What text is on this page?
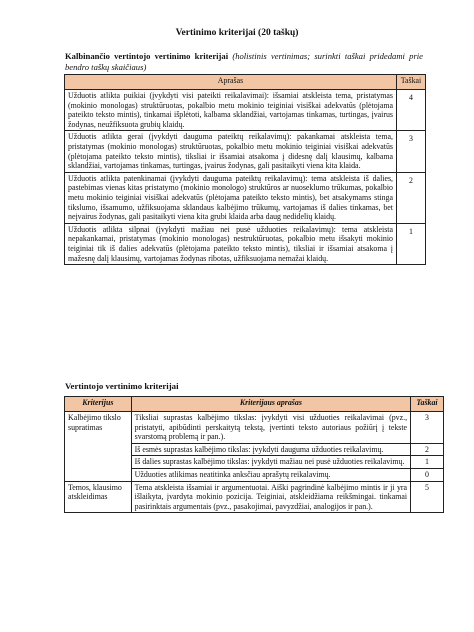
Vertinimo kriterijai (20 taškų)
Kalbinančio vertintojo vertinimo kriterijai (holistinis vertinimas; surinkti taškai pridedami prie bendro taškų skaičiaus)
Aprašas	Taškai
Užduotis atlikta puikiai (įvykdyti visi pateikti reikalavimai): išsamiai atskleista tema, pristatymas (mokinio monologas) struktūruotas, pokalbio metu mokinio teiginiai visiškai adekvatūs (plėtojama pateikto teksto mintis), tinkamai išplėtoti, kalbama sklandžiai, vartojamas tinkamas, turtingas, įvairus žodynas, neužfiksuota grubių klaidų.	4
Užduotis atlikta gerai (įvykdyti dauguma pateiktų reikalavimų): pakankamai atskleista tema, pristatymas (mokinio monologas) struktūruotas, pokalbio metu mokinio teiginiai visiškai adekvatūs (plėtojama pateikto teksto mintis), tiksliai ir išsamiai atsakoma į didesnę dalį klausimų, kalbama sklandžiai, vartojamas tinkamas, turtingas, įvairus žodynas, gali pasitaikyti viena kita klaida.	3
Užduotis atlikta patenkinamai (įvykdyti dauguma pateiktų reikalavimų): tema atskleista iš dalies, pastebimas vienas kitas pristatymo (mokinio monologo) struktūros ar nuoseklumo trūkumas, pokalbio metu mokinio teiginiai visiškai adekvatūs (plėtojama pateikto teksto mintis), bet atsakymams stinga tikslumo, išsamumo, užfiksuojama sklandaus kalbėjimo trūkumų, vartojamas iš dalies tinkamas, bet neįvairus žodynas, gali pasitaikyti viena kita grubi klaida arba daug nedidelių klaidų.	2
Užduotis atlikta silpnai (įvykdyti mažiau nei pusė užduoties reikalavimų): tema atskleista nepakankamai, pristatymas (mokinio monologas) nestruktūruotas, pokalbio metu išsakyti mokinio teiginiai tik iš dalies adekvatūs (plėtojama pateikto teksto mintis), tiksliai ir išsamiai atsakoma į mažesnę dalį klausimų, vartojamas žodynas ribotas, užfiksuojama nemažai klaidų.	1
Vertintojo vertinimo kriterijai
Kriterijus	Kriterijaus aprašas	Taškai
Kalbėjimo tikslo supratimas	Tiksliai suprastas kalbėjimo tikslas: įvykdyti visi užduoties reikalavimai (pvz., pristatyti, apibūdinti perskaitytą tekstą, įvertinti teksto autoriaus požiūrį į tekste svarstomą problemą ir pan.).	3
	Iš esmės suprastas kalbėjimo tikslas: įvykdyti dauguma užduoties reikalavimų.	2
	Iš dalies suprastas kalbėjimo tikslas: įvykdyti mažiau nei pusė užduoties reikalavimų.	1
	Užduoties atlikimas neatitinka anksčiau aprašytų reikalavimų.	0
Temos, klausimo atskleidimas	Tema atskleista išsamiai ir argumentuotai. Aiški pagrindinė kalbėjimo mintis ir ji yra išlaikyta, įvardyta mokinio pozicija. Teiginiai, atskleidžiama reikšmingai. tinkamai pasirinktais argumentais (pvz., pasakojimai, pavyzdžiai, analogijos ir pan.).	5
